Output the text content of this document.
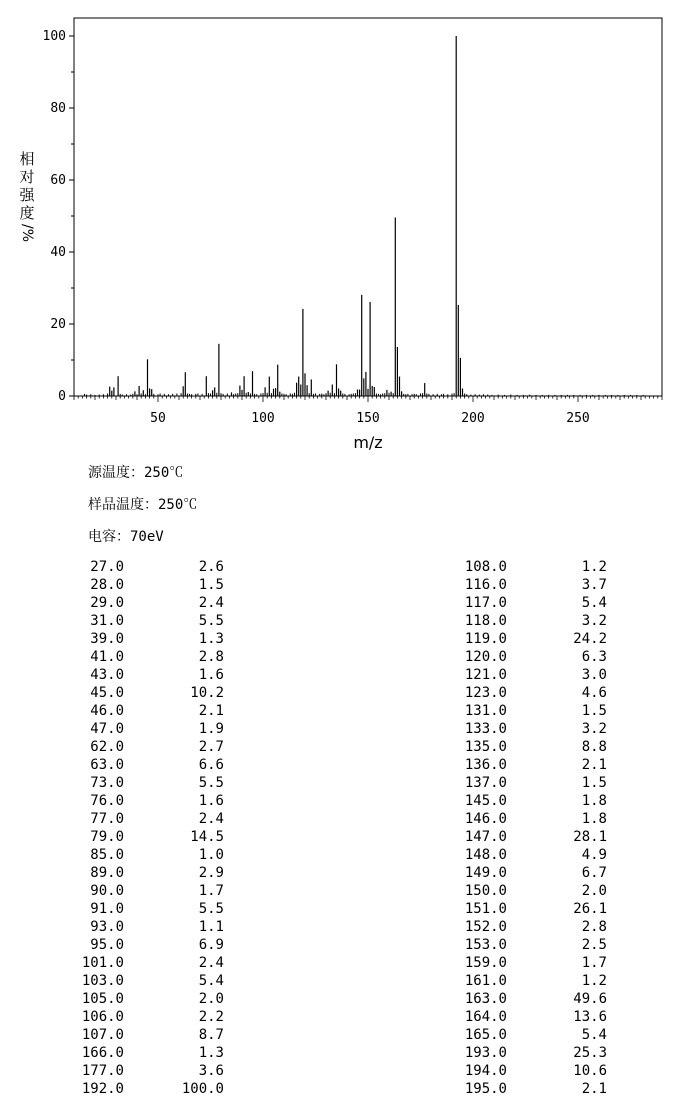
0
20
40
60
80
100
50	100	150	200	250
m/z
相
对
强
度
/%
源温度：250℃
样品温度：250℃
电容：70eV
27.0	2.6
28.0	1.5
29.0	2.4
31.0	5.5
39.0	1.3
41.0	2.8
43.0	1.6
45.0	10.2
46.0	2.1
47.0	1.9
62.0	2.7
63.0	6.6
73.0	5.5
76.0	1.6
77.0	2.4
79.0	14.5
85.0	1.0
89.0	2.9
90.0	1.7
91.0	5.5
93.0	1.1
95.0	6.9
101.0	2.4
103.0	5.4
105.0	2.0
106.0	2.2
107.0	8.7
166.0	1.3
177.0	3.6
192.0	100.0
108.0	1.2
116.0	3.7
117.0	5.4
118.0	3.2
119.0	24.2
120.0	6.3
121.0	3.0
123.0	4.6
131.0	1.5
133.0	3.2
135.0	8.8
136.0	2.1
137.0	1.5
145.0	1.8
146.0	1.8
147.0	28.1
148.0	4.9
149.0	6.7
150.0	2.0
151.0	26.1
152.0	2.8
153.0	2.5
159.0	1.7
161.0	1.2
163.0	49.6
164.0	13.6
165.0	5.4
193.0	25.3
194.0	10.6
195.0	2.1
